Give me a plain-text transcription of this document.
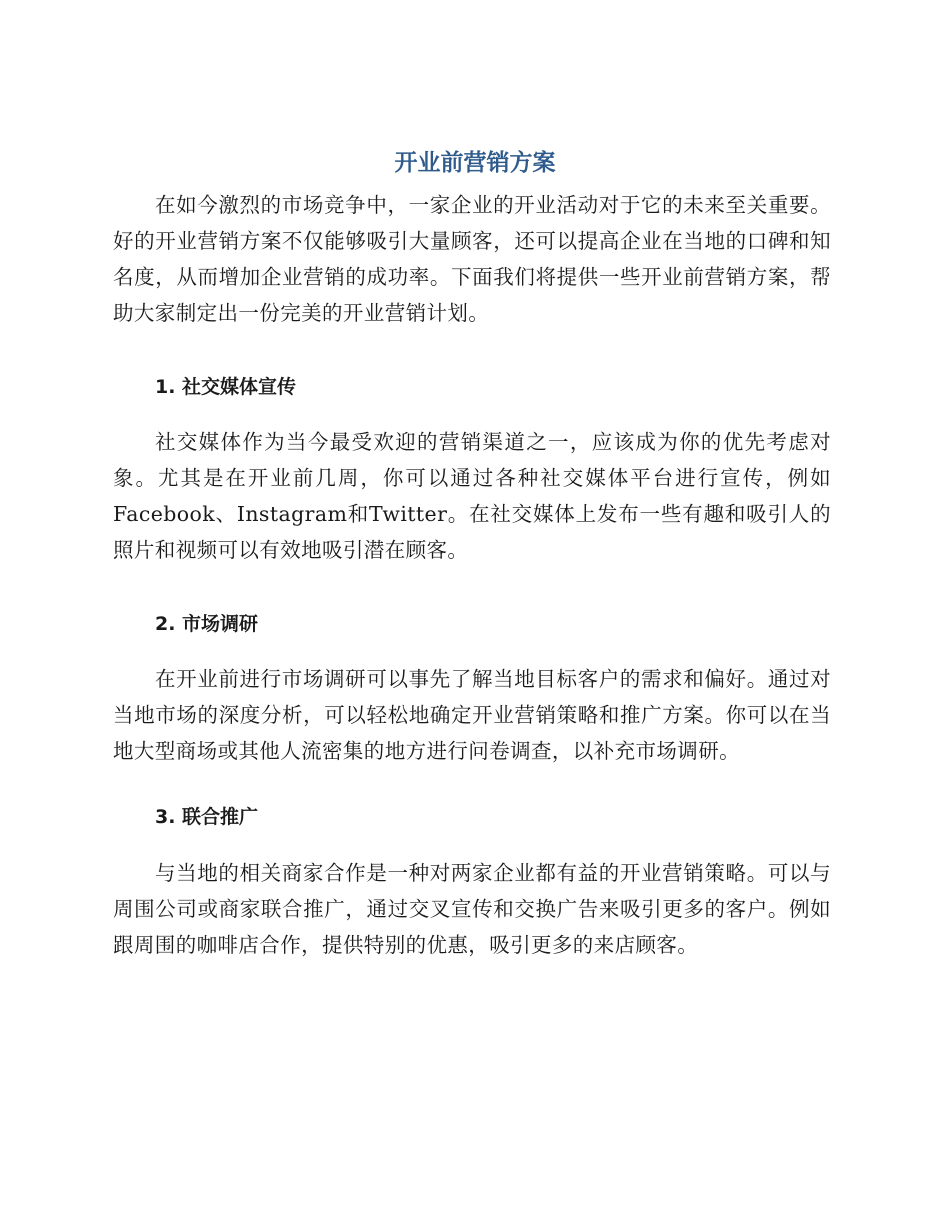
开业前营销方案

在如今激烈的市场竞争中，一家企业的开业活动对于它的未来至关重要。好的开业营销方案不仅能够吸引大量顾客，还可以提高企业在当地的口碑和知名度，从而增加企业营销的成功率。下面我们将提供一些开业前营销方案，帮助大家制定出一份完美的开业营销计划。

1. 社交媒体宣传

社交媒体作为当今最受欢迎的营销渠道之一，应该成为你的优先考虑对象。尤其是在开业前几周，你可以通过各种社交媒体平台进行宣传，例如Facebook、Instagram和Twitter。在社交媒体上发布一些有趣和吸引人的照片和视频可以有效地吸引潜在顾客。

2. 市场调研

在开业前进行市场调研可以事先了解当地目标客户的需求和偏好。通过对当地市场的深度分析，可以轻松地确定开业营销策略和推广方案。你可以在当地大型商场或其他人流密集的地方进行问卷调查，以补充市场调研。

3. 联合推广

与当地的相关商家合作是一种对两家企业都有益的开业营销策略。可以与周围公司或商家联合推广，通过交叉宣传和交换广告来吸引更多的客户。例如跟周围的咖啡店合作，提供特别的优惠，吸引更多的来店顾客。
